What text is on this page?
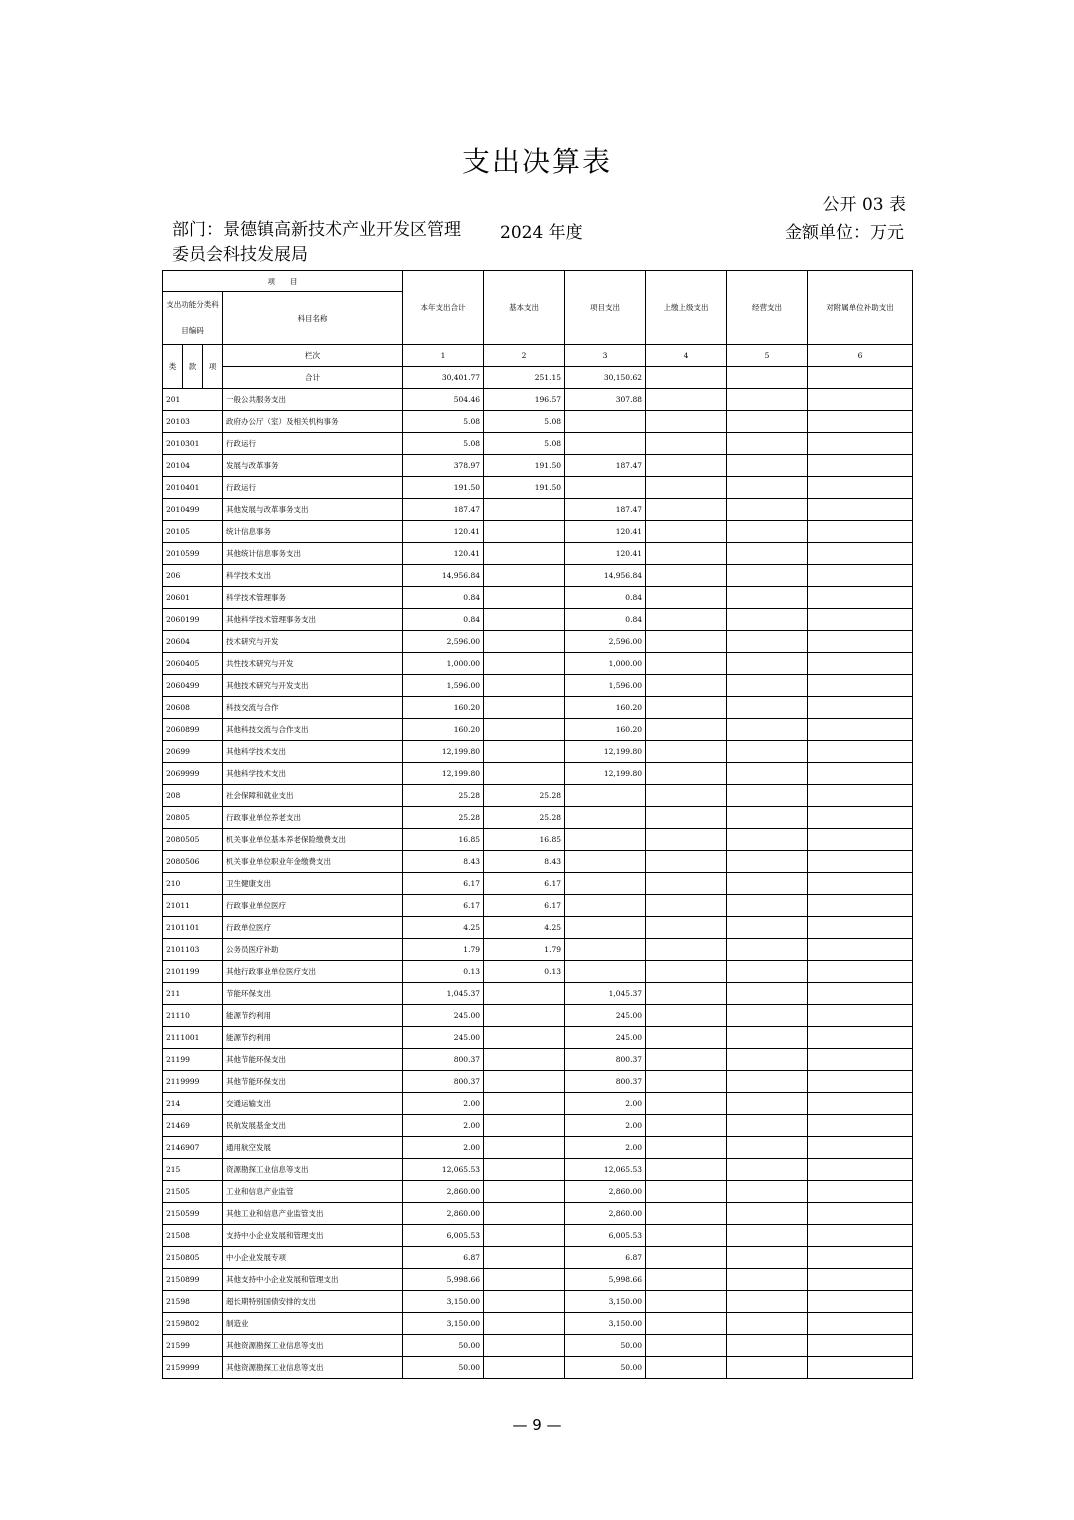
支出决算表
公开 03 表
部门：景德镇高新技术产业开发区管理委员会科技发展局
2024 年度	金额单位：万元
项　　目				本年支出合计	基本支出	项目支出	上缴上级支出	经营支出	对附属单位补助支出
支出功能分类科目编码			科目名称						
类	款	项	栏次	1	2	3	4	5	6
			合计	30,401.77	251.15	30,150.62			
201			一般公共服务支出	504.46	196.57	307.88			
20103			政府办公厅（室）及相关机构事务	5.08	5.08				
2010301			行政运行	5.08	5.08				
20104			发展与改革事务	378.97	191.50	187.47			
2010401			行政运行	191.50	191.50				
2010499			其他发展与改革事务支出	187.47		187.47			
20105			统计信息事务	120.41		120.41			
2010599			其他统计信息事务支出	120.41		120.41			
206			科学技术支出	14,956.84		14,956.84			
20601			科学技术管理事务	0.84		0.84			
2060199			其他科学技术管理事务支出	0.84		0.84			
20604			技术研究与开发	2,596.00		2,596.00			
2060405			共性技术研究与开发	1,000.00		1,000.00			
2060499			其他技术研究与开发支出	1,596.00		1,596.00			
20608			科技交流与合作	160.20		160.20			
2060899			其他科技交流与合作支出	160.20		160.20			
20699			其他科学技术支出	12,199.80		12,199.80			
2069999			其他科学技术支出	12,199.80		12,199.80			
208			社会保障和就业支出	25.28	25.28				
20805			行政事业单位养老支出	25.28	25.28				
2080505			机关事业单位基本养老保险缴费支出	16.85	16.85				
2080506			机关事业单位职业年金缴费支出	8.43	8.43				
210			卫生健康支出	6.17	6.17				
21011			行政事业单位医疗	6.17	6.17				
2101101			行政单位医疗	4.25	4.25				
2101103			公务员医疗补助	1.79	1.79				
2101199			其他行政事业单位医疗支出	0.13	0.13				
211			节能环保支出	1,045.37		1,045.37			
21110			能源节约利用	245.00		245.00			
2111001			能源节约利用	245.00		245.00			
21199			其他节能环保支出	800.37		800.37			
2119999			其他节能环保支出	800.37		800.37			
214			交通运输支出	2.00		2.00			
21469			民航发展基金支出	2.00		2.00			
2146907			通用航空发展	2.00		2.00			
215			资源勘探工业信息等支出	12,065.53		12,065.53			
21505			工业和信息产业监管	2,860.00		2,860.00			
2150599			其他工业和信息产业监管支出	2,860.00		2,860.00			
21508			支持中小企业发展和管理支出	6,005.53		6,005.53			
2150805			中小企业发展专项	6.87		6.87			
2150899			其他支持中小企业发展和管理支出	5,998.66		5,998.66			
21598			超长期特别国债安排的支出	3,150.00		3,150.00			
2159802			制造业	3,150.00		3,150.00			
21599			其他资源勘探工业信息等支出	50.00		50.00			
2159999			其他资源勘探工业信息等支出	50.00		50.00			
— 9 —
